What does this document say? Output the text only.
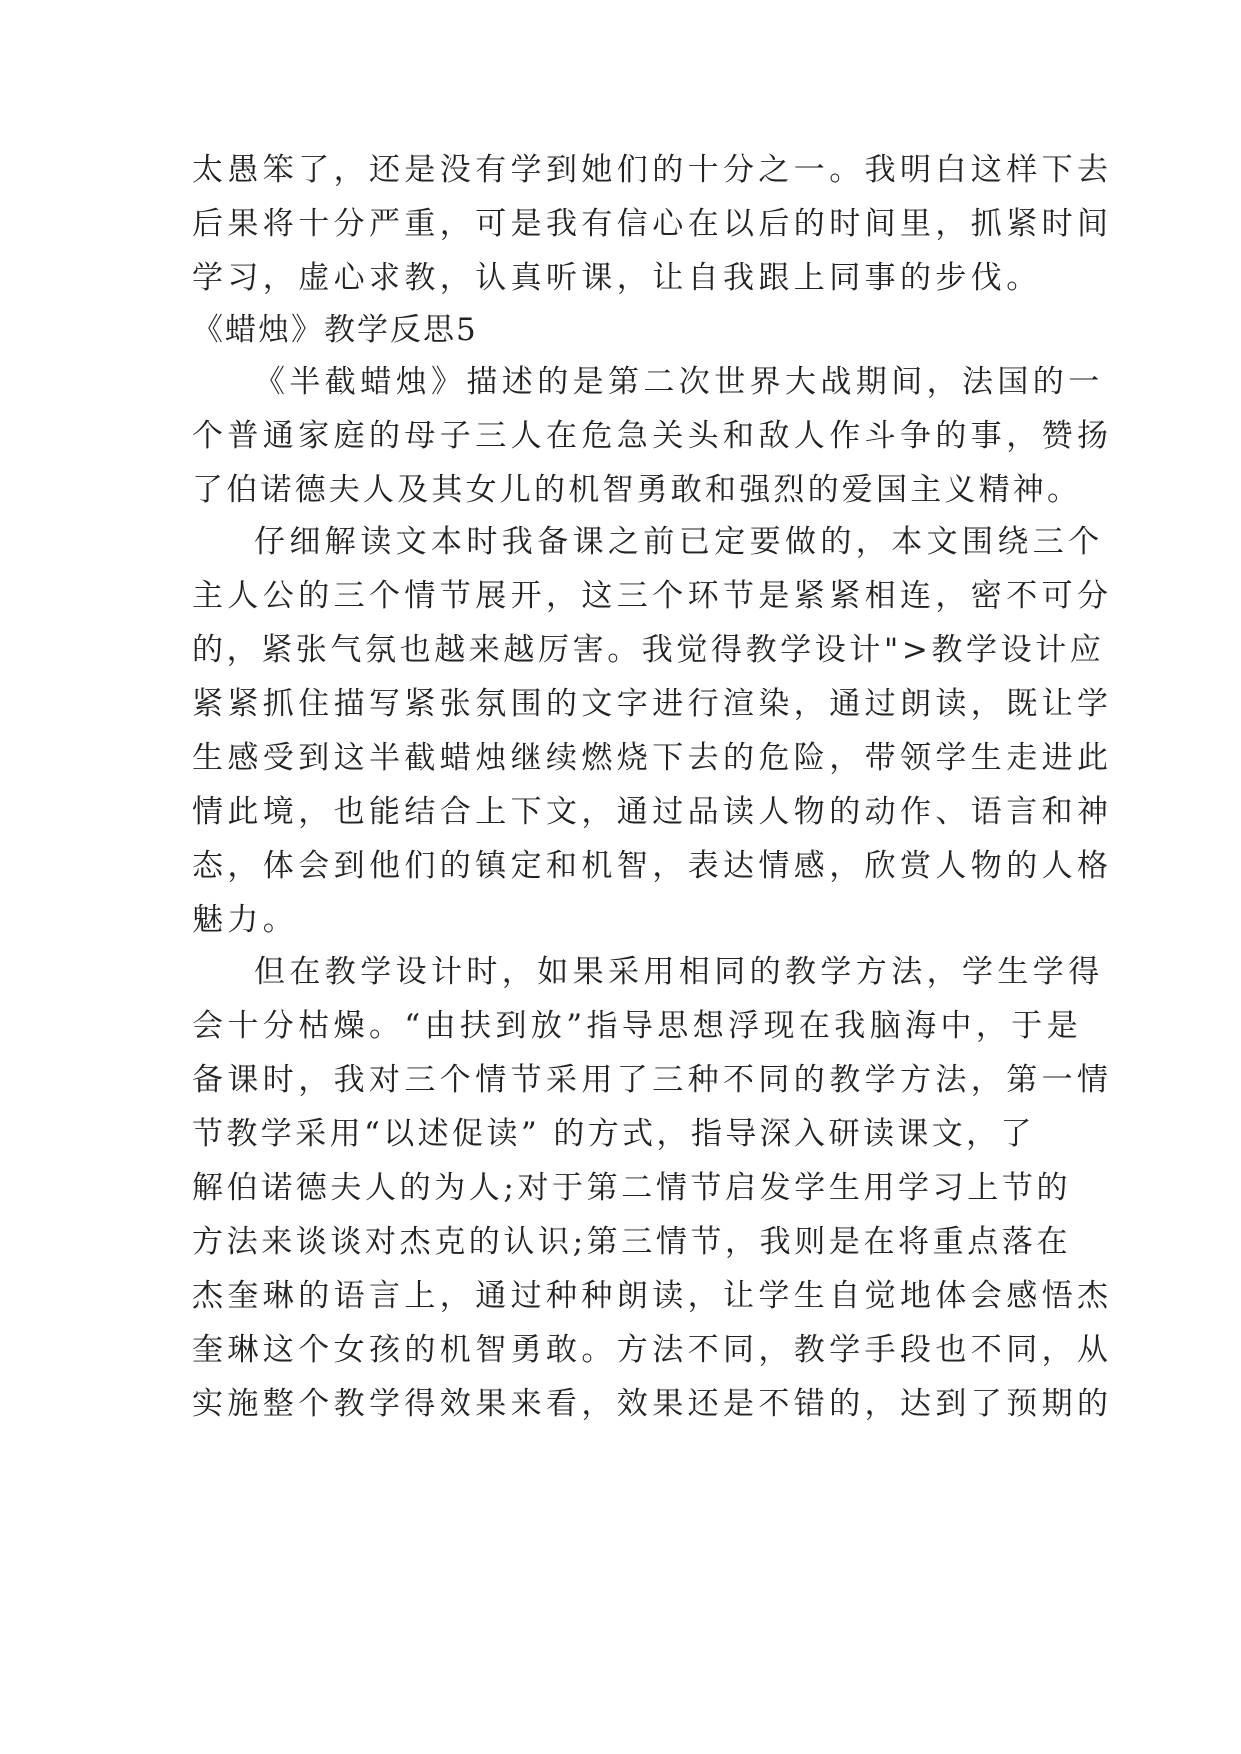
太愚笨了，还是没有学到她们的十分之一。我明白这样下去
后果将十分严重，可是我有信心在以后的时间里，抓紧时间
学习，虚心求教，认真听课，让自我跟上同事的步伐。
《蜡烛》教学反思5
《半截蜡烛》描述的是第二次世界大战期间，法国的一
个普通家庭的母子三人在危急关头和敌人作斗争的事，赞扬
了伯诺德夫人及其女儿的机智勇敢和强烈的爱国主义精神。
仔细解读文本时我备课之前已定要做的，本文围绕三个
主人公的三个情节展开，这三个环节是紧紧相连，密不可分
的，紧张气氛也越来越厉害。我觉得教学设计">教学设计应
紧紧抓住描写紧张氛围的文字进行渲染，通过朗读，既让学
生感受到这半截蜡烛继续燃烧下去的危险，带领学生走进此
情此境，也能结合上下文，通过品读人物的动作、语言和神
态，体会到他们的镇定和机智，表达情感，欣赏人物的人格
魅力。
但在教学设计时，如果采用相同的教学方法，学生学得
会十分枯燥。“由扶到放”指导思想浮现在我脑海中，于是
备课时，我对三个情节采用了三种不同的教学方法，第一情
节教学采用“以述促读” 的方式，指导深入研读课文，了
解伯诺德夫人的为人;对于第二情节启发学生用学习上节的
方法来谈谈对杰克的认识;第三情节，我则是在将重点落在
杰奎琳的语言上，通过种种朗读，让学生自觉地体会感悟杰
奎琳这个女孩的机智勇敢。方法不同，教学手段也不同，从
实施整个教学得效果来看，效果还是不错的，达到了预期的
